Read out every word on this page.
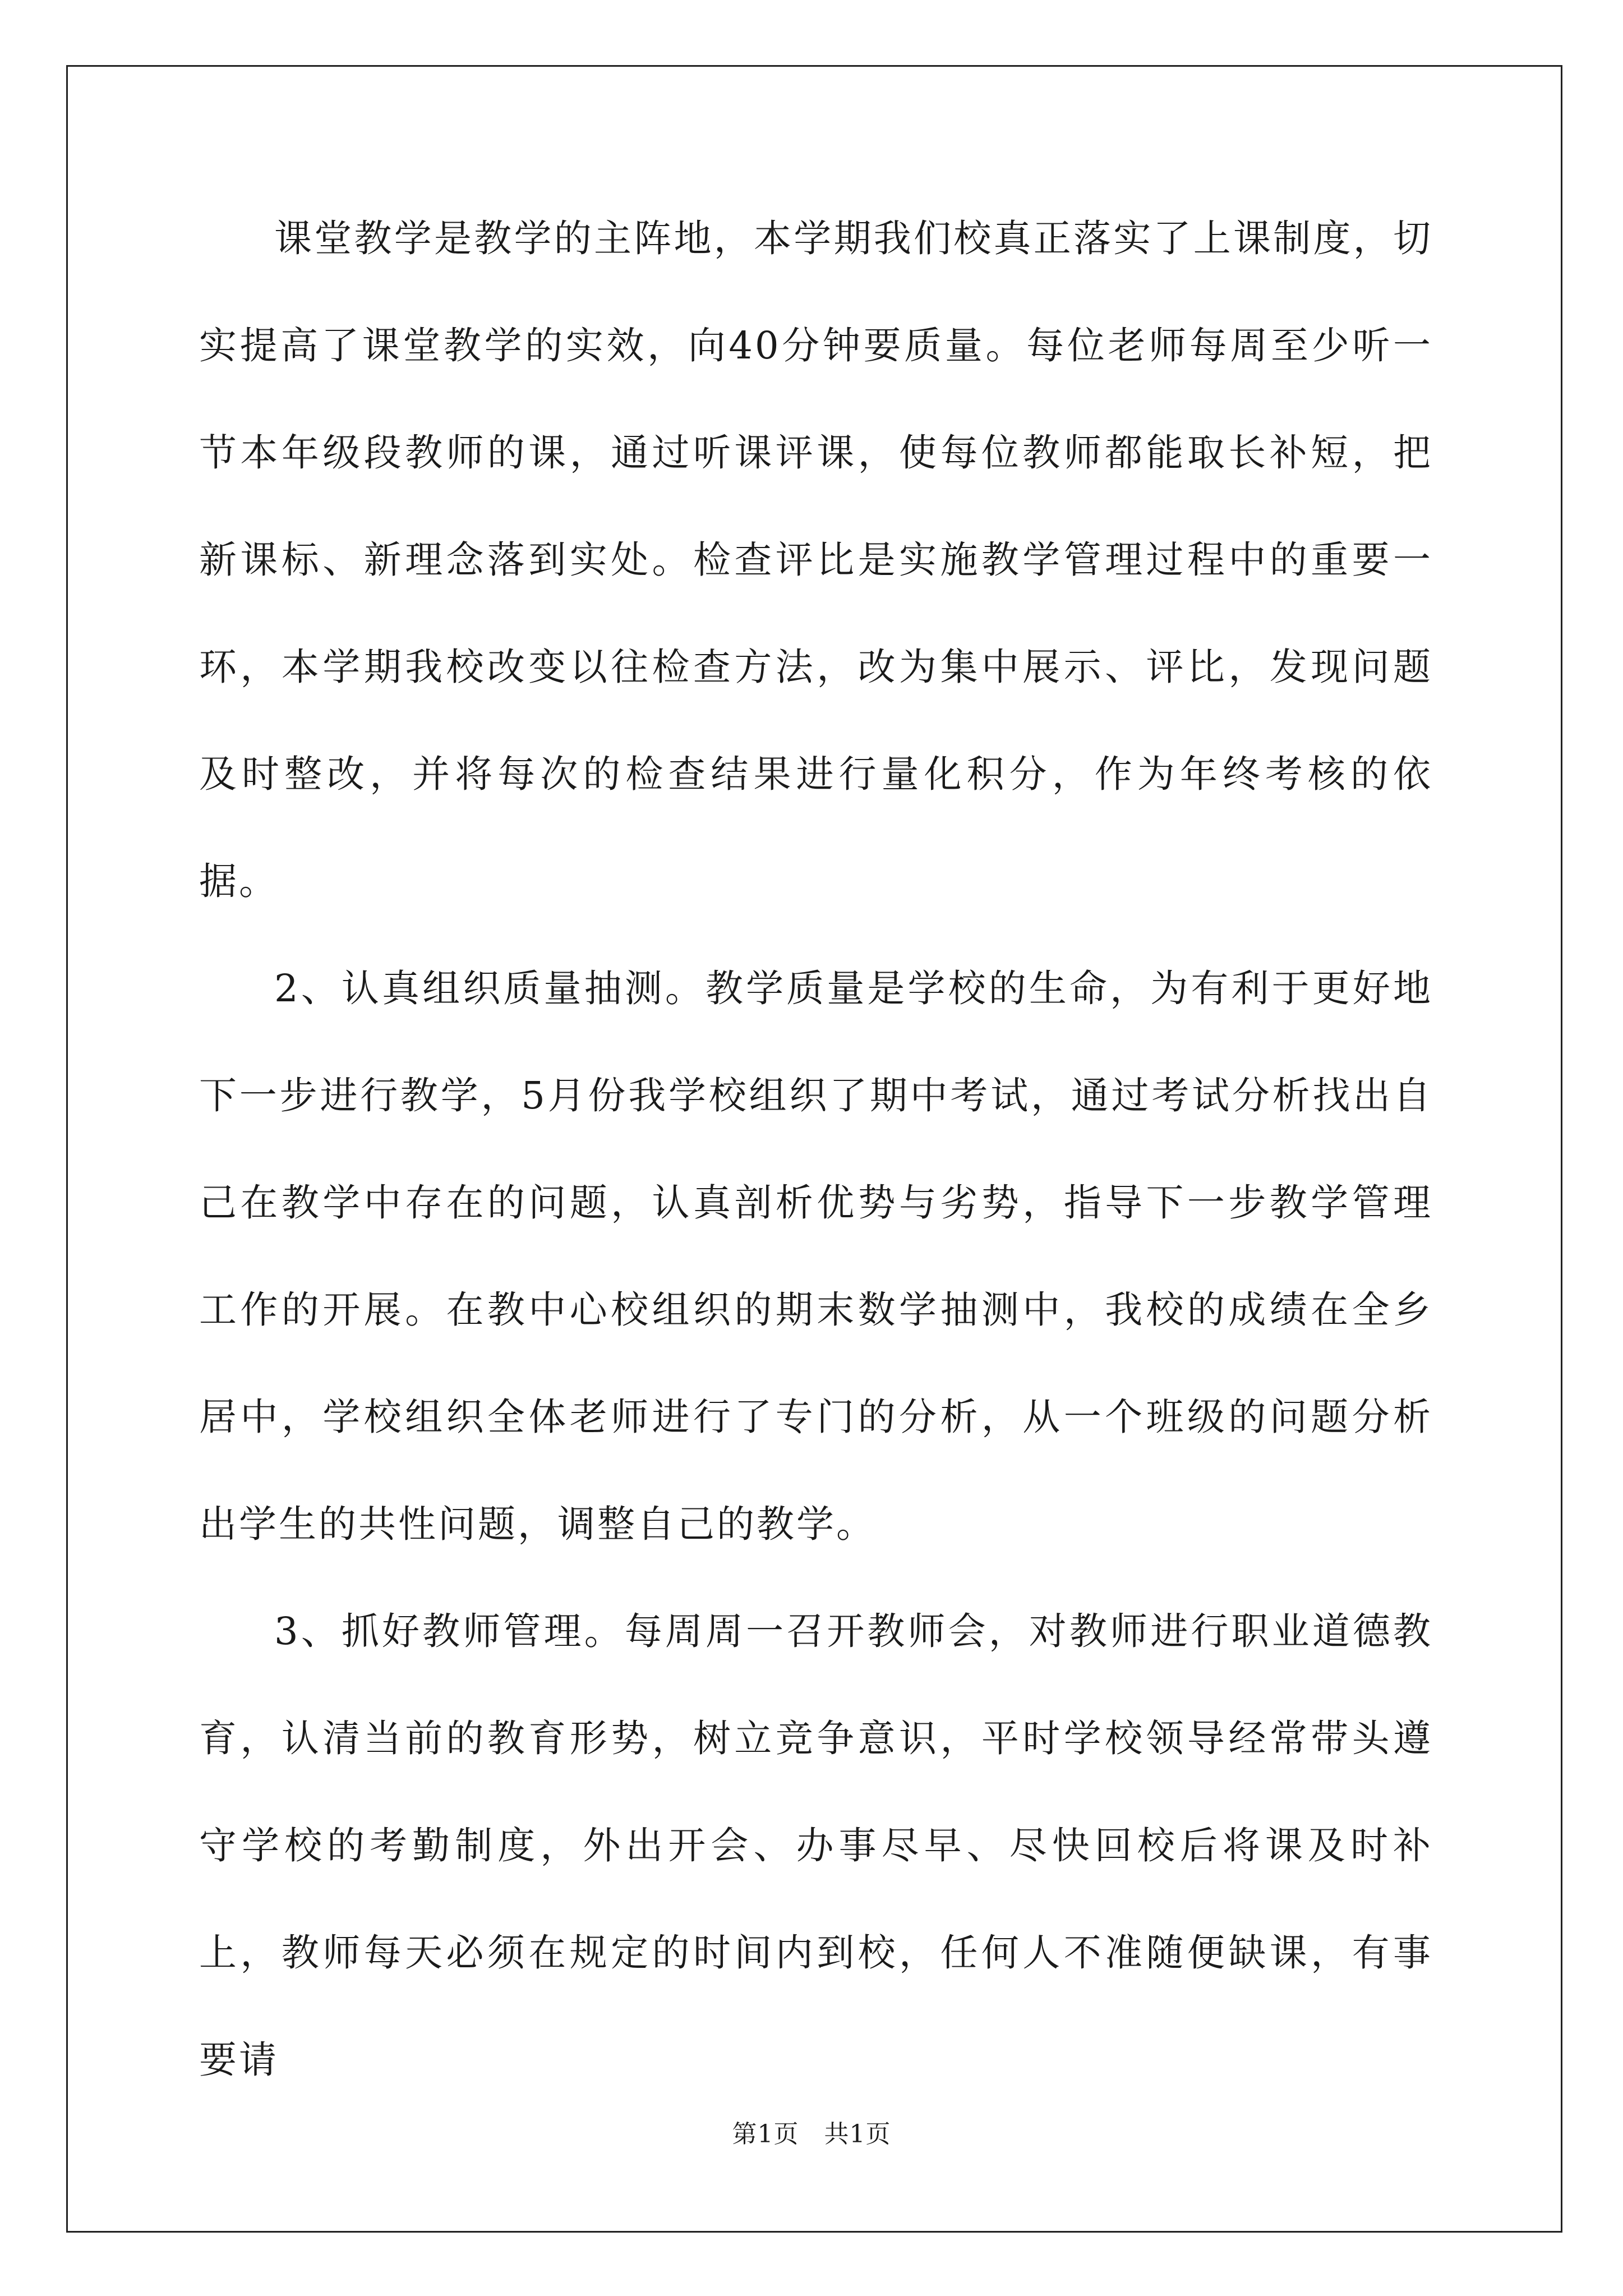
课堂教学是教学的主阵地，本学期我们校真正落实了上课制度，切实提高了课堂教学的实效，向40分钟要质量。每位老师每周至少听一节本年级段教师的课，通过听课评课，使每位教师都能取长补短，把新课标、新理念落到实处。检查评比是实施教学管理过程中的重要一环，本学期我校改变以往检查方法，改为集中展示、评比，发现问题及时整改，并将每次的检查结果进行量化积分，作为年终考核的依据。

2、认真组织质量抽测。教学质量是学校的生命，为有利于更好地下一步进行教学，5月份我学校组织了期中考试，通过考试分析找出自己在教学中存在的问题，认真剖析优势与劣势，指导下一步教学管理工作的开展。在教中心校组织的期末数学抽测中，我校的成绩在全乡居中，学校组织全体老师进行了专门的分析，从一个班级的问题分析出学生的共性问题，调整自己的教学。

3、抓好教师管理。每周周一召开教师会，对教师进行职业道德教育，认清当前的教育形势，树立竞争意识，平时学校领导经常带头遵守学校的考勤制度，外出开会、办事尽早、尽快回校后将课及时补上，教师每天必须在规定的时间内到校，任何人不准随便缺课，有事要请

第1页 共1页
